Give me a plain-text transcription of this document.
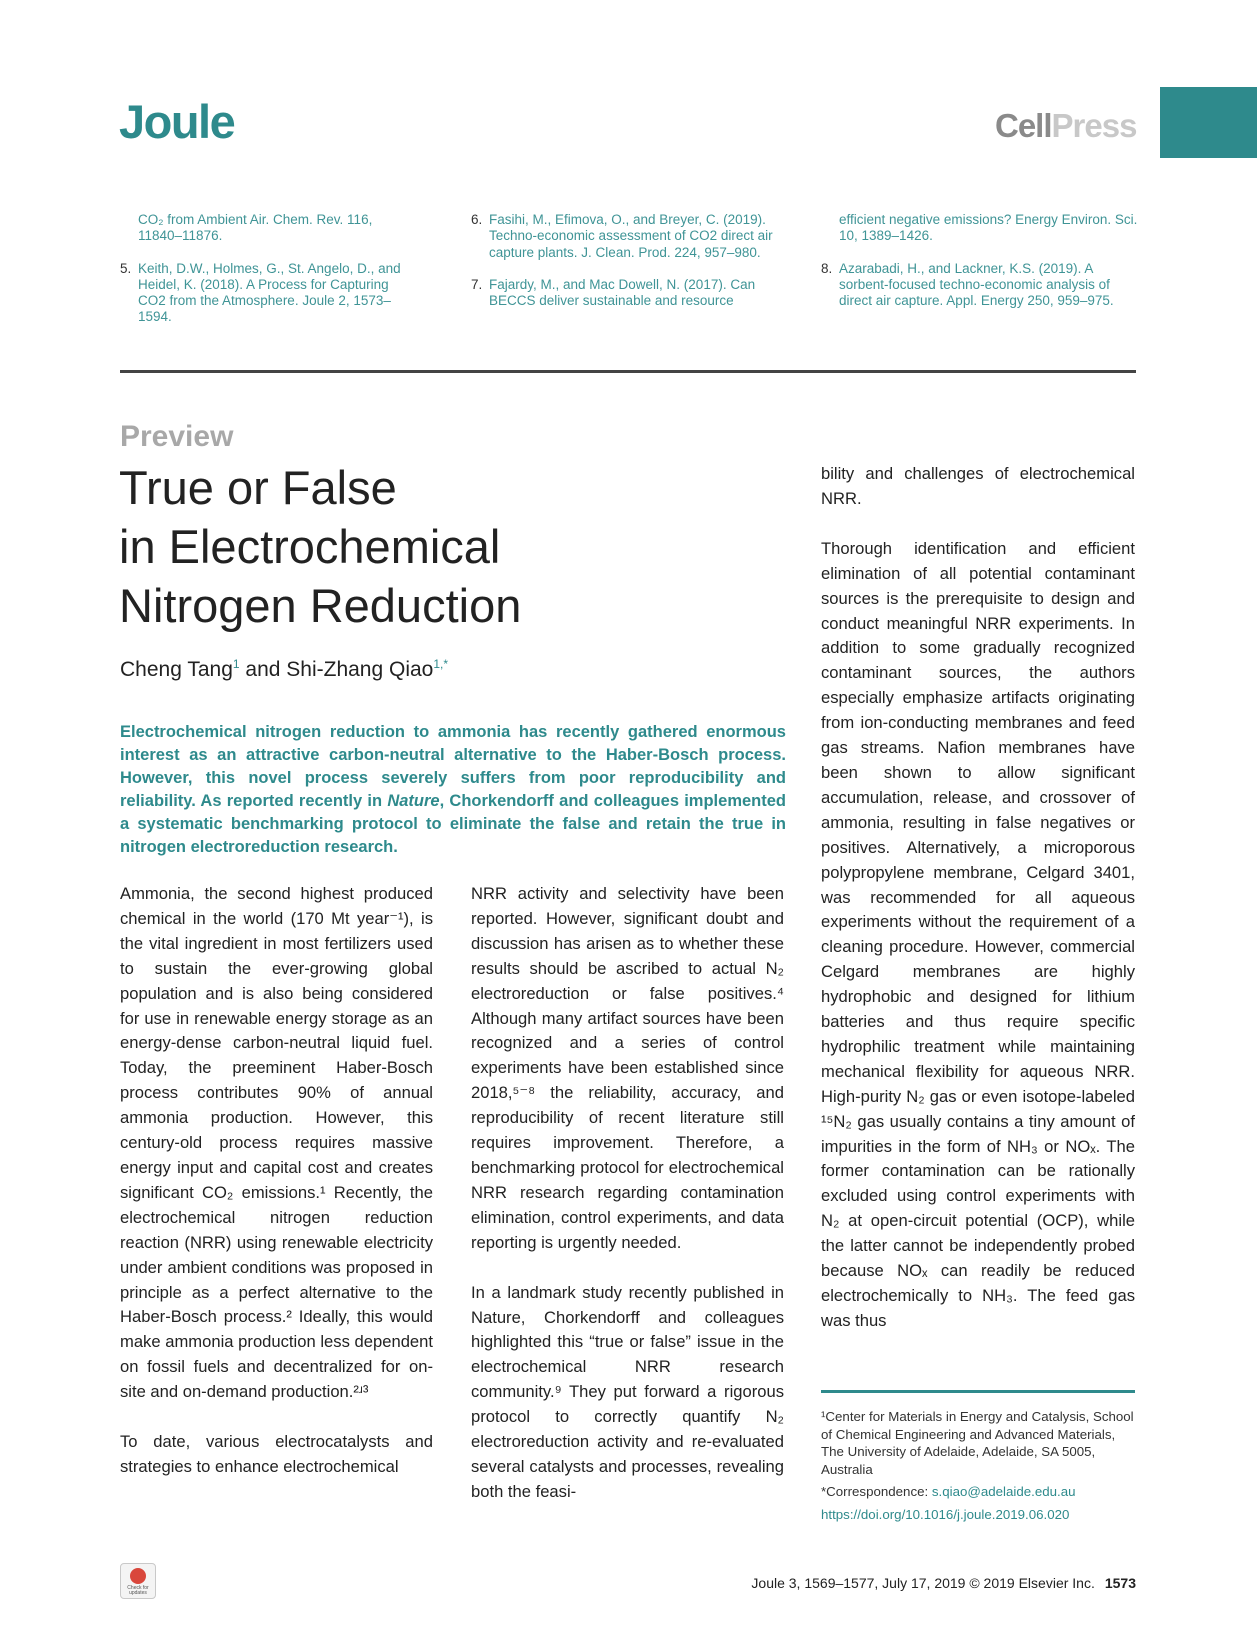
Joule	CellPress
CO₂ from Ambient Air. Chem. Rev. 116, 11840–11876.
5. Keith, D.W., Holmes, G., St. Angelo, D., and Heidel, K. (2018). A Process for Capturing CO2 from the Atmosphere. Joule 2, 1573–1594.
6. Fasihi, M., Efimova, O., and Breyer, C. (2019). Techno-economic assessment of CO2 direct air capture plants. J. Clean. Prod. 224, 957–980.
7. Fajardy, M., and Mac Dowell, N. (2017). Can BECCS deliver sustainable and resource
efficient negative emissions? Energy Environ. Sci. 10, 1389–1426.
8. Azarabadi, H., and Lackner, K.S. (2019). A sorbent-focused techno-economic analysis of direct air capture. Appl. Energy 250, 959–975.
Preview
True or False
in Electrochemical
Nitrogen Reduction
Cheng Tang$^1$ and Shi-Zhang Qiao$^{1,*}$
Electrochemical nitrogen reduction to ammonia has recently gathered enormous interest as an attractive carbon-neutral alternative to the Haber-Bosch process. However, this novel process severely suffers from poor reproducibility and reliability. As reported recently in Nature, Chorkendorff and colleagues implemented a systematic benchmarking protocol to eliminate the false and retain the true in nitrogen electroreduction research.

Ammonia, the second highest produced chemical in the world (170 Mt year⁻¹), is the vital ingredient in most fertilizers used to sustain the ever-growing global population and is also being considered for use in renewable energy storage as an energy-dense carbon-neutral liquid fuel. Today, the preeminent Haber-Bosch process contributes 90% of annual ammonia production. However, this century-old process requires massive energy input and capital cost and creates significant CO₂ emissions.¹ Recently, the electrochemical nitrogen reduction reaction (NRR) using renewable electricity under ambient conditions was proposed in principle as a perfect alternative to the Haber-Bosch process.² Ideally, this would make ammonia production less dependent on fossil fuels and decentralized for on-site and on-demand production.²ʴ³

To date, various electrocatalysts and strategies to enhance electrochemical

NRR activity and selectivity have been reported. However, significant doubt and discussion has arisen as to whether these results should be ascribed to actual N₂ electroreduction or false positives.⁴ Although many artifact sources have been recognized and a series of control experiments have been established since 2018,⁵⁻⁸ the reliability, accuracy, and reproducibility of recent literature still requires improvement. Therefore, a benchmarking protocol for electrochemical NRR research regarding contamination elimination, control experiments, and data reporting is urgently needed.

In a landmark study recently published in Nature, Chorkendorff and colleagues highlighted this “true or false” issue in the electrochemical NRR research community.⁹ They put forward a rigorous protocol to correctly quantify N₂ electroreduction activity and re-evaluated several catalysts and processes, revealing both the feasi-

bility and challenges of electrochemical NRR.

Thorough identification and efficient elimination of all potential contaminant sources is the prerequisite to design and conduct meaningful NRR experiments. In addition to some gradually recognized contaminant sources, the authors especially emphasize artifacts originating from ion-conducting membranes and feed gas streams. Nafion membranes have been shown to allow significant accumulation, release, and crossover of ammonia, resulting in false negatives or positives. Alternatively, a microporous polypropylene membrane, Celgard 3401, was recommended for all aqueous experiments without the requirement of a cleaning procedure. However, commercial Celgard membranes are highly hydrophobic and designed for lithium batteries and thus require specific hydrophilic treatment while maintaining mechanical flexibility for aqueous NRR. High-purity N₂ gas or even isotope-labeled ¹⁵N₂ gas usually contains a tiny amount of impurities in the form of NH₃ or NOₓ. The former contamination can be rationally excluded using control experiments with N₂ at open-circuit potential (OCP), while the latter cannot be independently probed because NOₓ can readily be reduced electrochemically to NH₃. The feed gas was thus

¹Center for Materials in Energy and Catalysis, School of Chemical Engineering and Advanced Materials, The University of Adelaide, Adelaide, SA 5005, Australia

*Correspondence: s.qiao@adelaide.edu.au

https://doi.org/10.1016/j.joule.2019.06.020

Check for updates
Joule 3, 1569–1577, July 17, 2019 © 2019 Elsevier Inc. 1573
